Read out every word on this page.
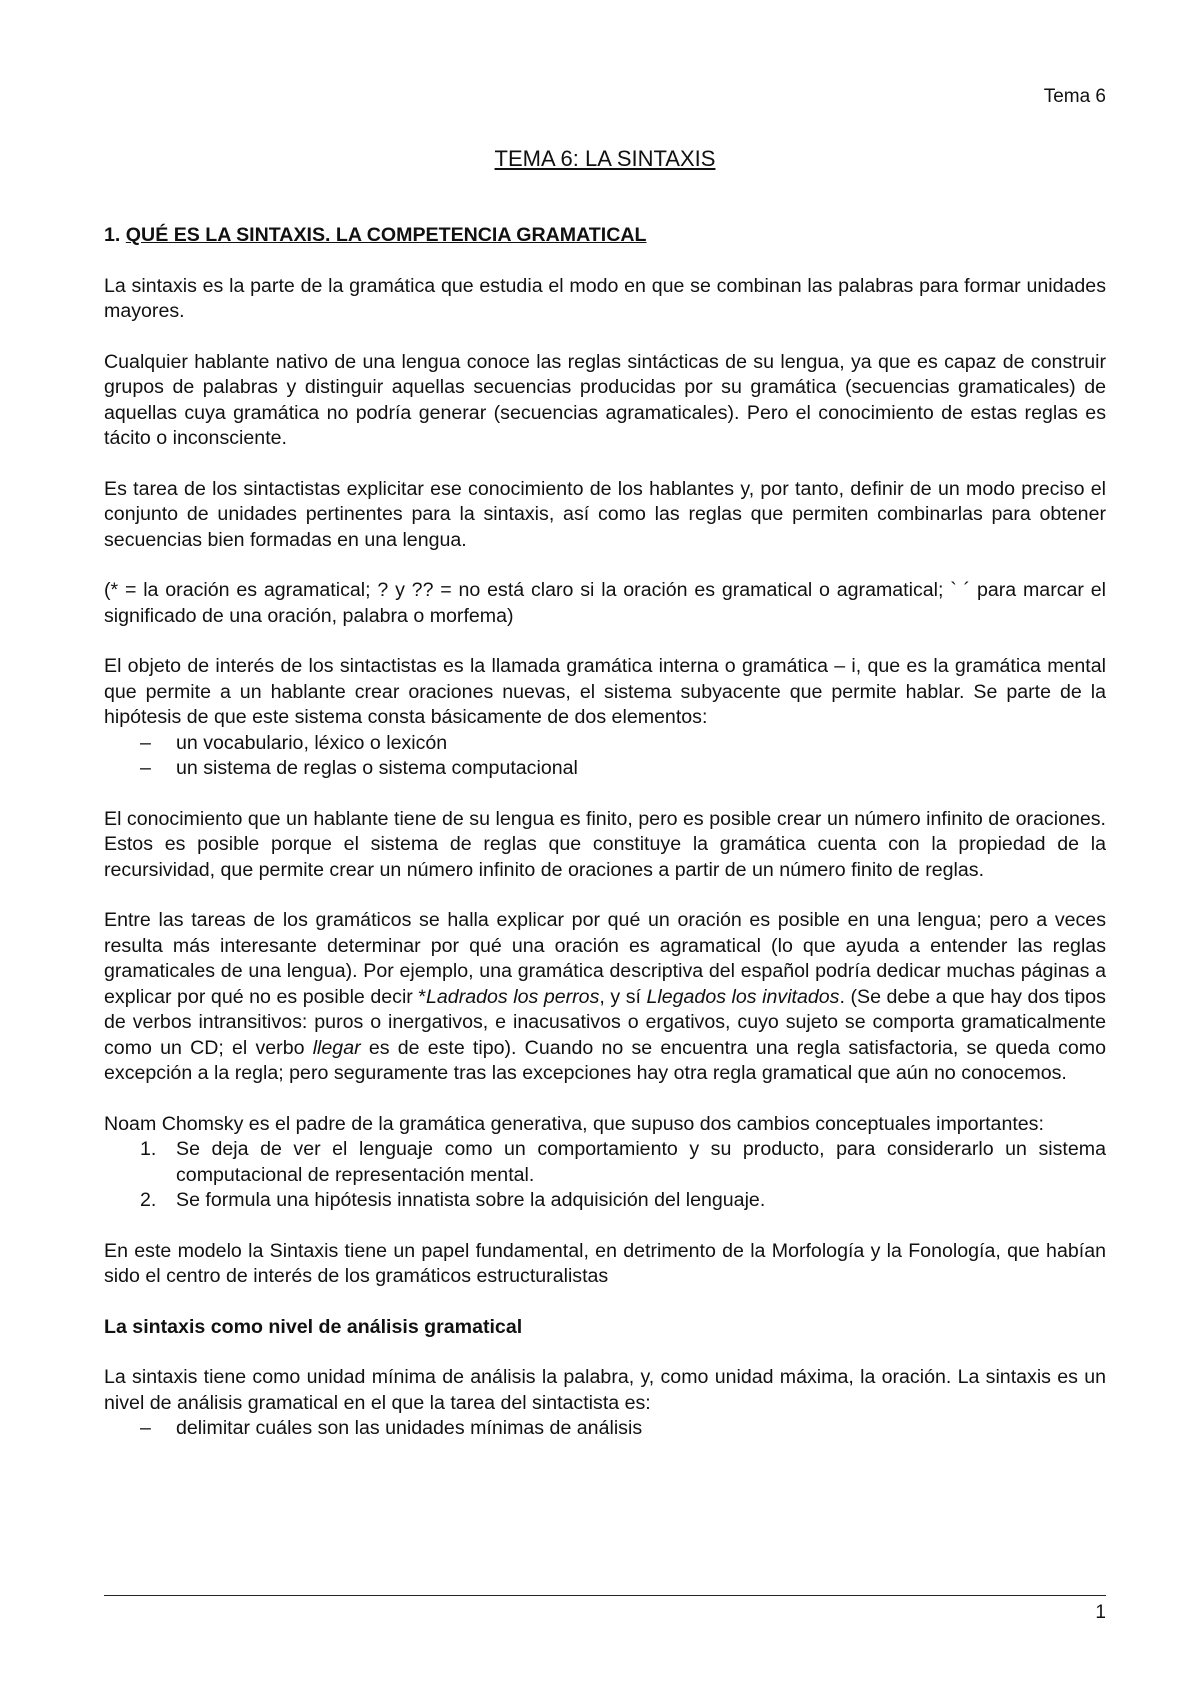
Tema 6
TEMA 6: LA SINTAXIS
1. QUÉ ES LA SINTAXIS. LA COMPETENCIA GRAMATICAL

La sintaxis es la parte de la gramática que estudia el modo en que se combinan las palabras para formar unidades mayores.

Cualquier hablante nativo de una lengua conoce las reglas sintácticas de su lengua, ya que es capaz de construir grupos de palabras y distinguir aquellas secuencias producidas por su gramática (secuencias gramaticales) de aquellas cuya gramática no podría generar (secuencias agramaticales). Pero el conocimiento de estas reglas es tácito o inconsciente.

Es tarea de los sintactistas explicitar ese conocimiento de los hablantes y, por tanto, definir de un modo preciso el conjunto de unidades pertinentes para la sintaxis, así como las reglas que permiten combinarlas para obtener secuencias bien formadas en una lengua.

(* = la oración es agramatical; ? y ?? = no está claro si la oración es gramatical o agramatical; ` ´ para marcar el significado de una oración, palabra o morfema)

El objeto de interés de los sintactistas es la llamada gramática interna o gramática – i, que es la gramática mental que permite a un hablante crear oraciones nuevas, el sistema subyacente que permite hablar. Se parte de la hipótesis de que este sistema consta básicamente de dos elementos:

– un vocabulario, léxico o lexicón
– un sistema de reglas o sistema computacional

El conocimiento que un hablante tiene de su lengua es finito, pero es posible crear un número infinito de oraciones. Estos es posible porque el sistema de reglas que constituye la gramática cuenta con la propiedad de la recursividad, que permite crear un número infinito de oraciones a partir de un número finito de reglas.

Entre las tareas de los gramáticos se halla explicar por qué un oración es posible en una lengua; pero a veces resulta más interesante determinar por qué una oración es agramatical (lo que ayuda a entender las reglas gramaticales de una lengua). Por ejemplo, una gramática descriptiva del español podría dedicar muchas páginas a explicar por qué no es posible decir *Ladrados los perros, y sí Llegados los invitados. (Se debe a que hay dos tipos de verbos intransitivos: puros o inergativos, e inacusativos o ergativos, cuyo sujeto se comporta gramaticalmente como un CD; el verbo llegar es de este tipo). Cuando no se encuentra una regla satisfactoria, se queda como excepción a la regla; pero seguramente tras las excepciones hay otra regla gramatical que aún no conocemos.

Noam Chomsky es el padre de la gramática generativa, que supuso dos cambios conceptuales importantes:

1. Se deja de ver el lenguaje como un comportamiento y su producto, para considerarlo un sistema computacional de representación mental.
2. Se formula una hipótesis innatista sobre la adquisición del lenguaje.

En este modelo la Sintaxis tiene un papel fundamental, en detrimento de la Morfología y la Fonología, que habían sido el centro de interés de los gramáticos estructuralistas

La sintaxis como nivel de análisis gramatical

La sintaxis tiene como unidad mínima de análisis la palabra, y, como unidad máxima, la oración. La sintaxis es un nivel de análisis gramatical en el que la tarea del sintactista es:

– delimitar cuáles son las unidades mínimas de análisis
1
